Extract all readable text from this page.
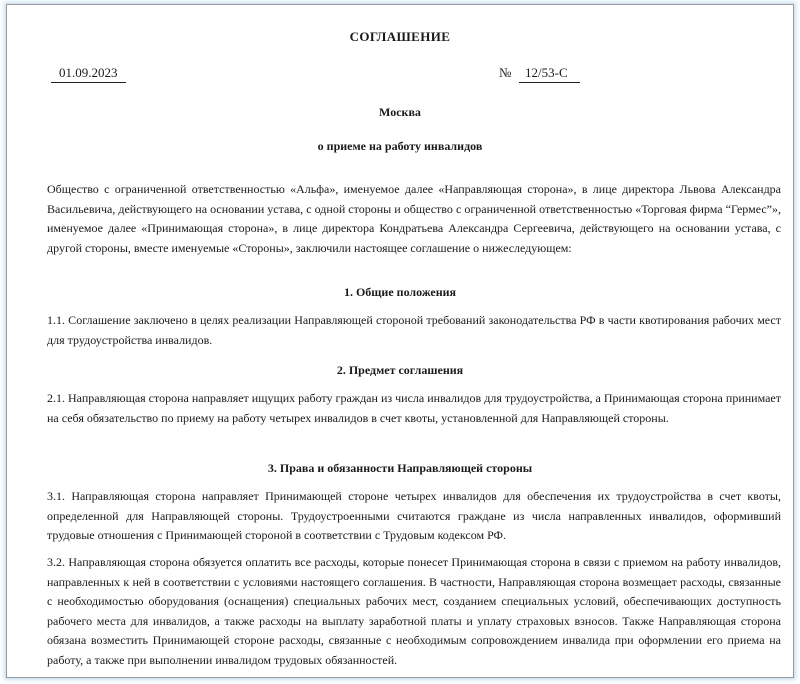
СОГЛАШЕНИЕ
01.09.2023	№	12/53-С
Москва
о приеме на работу инвалидов
Общество с ограниченной ответственностью «Альфа», именуемое далее «Направляющая сторона», в лице директора Львова Александра Васильевича, действующего на основании устава, с одной стороны и общество с ограниченной ответственностью «Торговая фирма “Гермес”», именуемое далее «Принимающая сторона», в лице директора Кондратьева Александра Сергеевича, действующего на основании устава, с другой стороны, вместе именуемые «Стороны», заключили настоящее соглашение о нижеследующем:
1. Общие положения
1.1. Соглашение заключено в целях реализации Направляющей стороной требований законодательства РФ в части квотирования рабочих мест для трудоустройства инвалидов.
2. Предмет соглашения
2.1. Направляющая сторона направляет ищущих работу граждан из числа инвалидов для трудоустройства, а Принимающая сторона принимает на себя обязательство по приему на работу четырех инвалидов в счет квоты, установленной для Направляющей стороны.
3. Права и обязанности Направляющей стороны
3.1. Направляющая сторона направляет Принимающей стороне четырех инвалидов для обеспечения их трудоустройства в счет квоты, определенной для Направляющей стороны. Трудоустроенными считаются граждане из числа направленных инвалидов, оформивший трудовые отношения с Принимающей стороной в соответствии с Трудовым кодексом РФ.
3.2. Направляющая сторона обязуется оплатить все расходы, которые понесет Принимающая сторона в связи с приемом на работу инвалидов, направленных к ней в соответствии с условиями настоящего соглашения. В частности, Направляющая сторона возмещает расходы, связанные с необходимостью оборудования (оснащения) специальных рабочих мест, созданием специальных условий, обеспечивающих доступность рабочего места для инвалидов, а также расходы на выплату заработной платы и уплату страховых взносов. Также Направляющая сторона обязана возместить Принимающей стороне расходы, связанные с необходимым сопровождением инвалида при оформлении его приема на работу, а также при выполнении инвалидом трудовых обязанностей.
